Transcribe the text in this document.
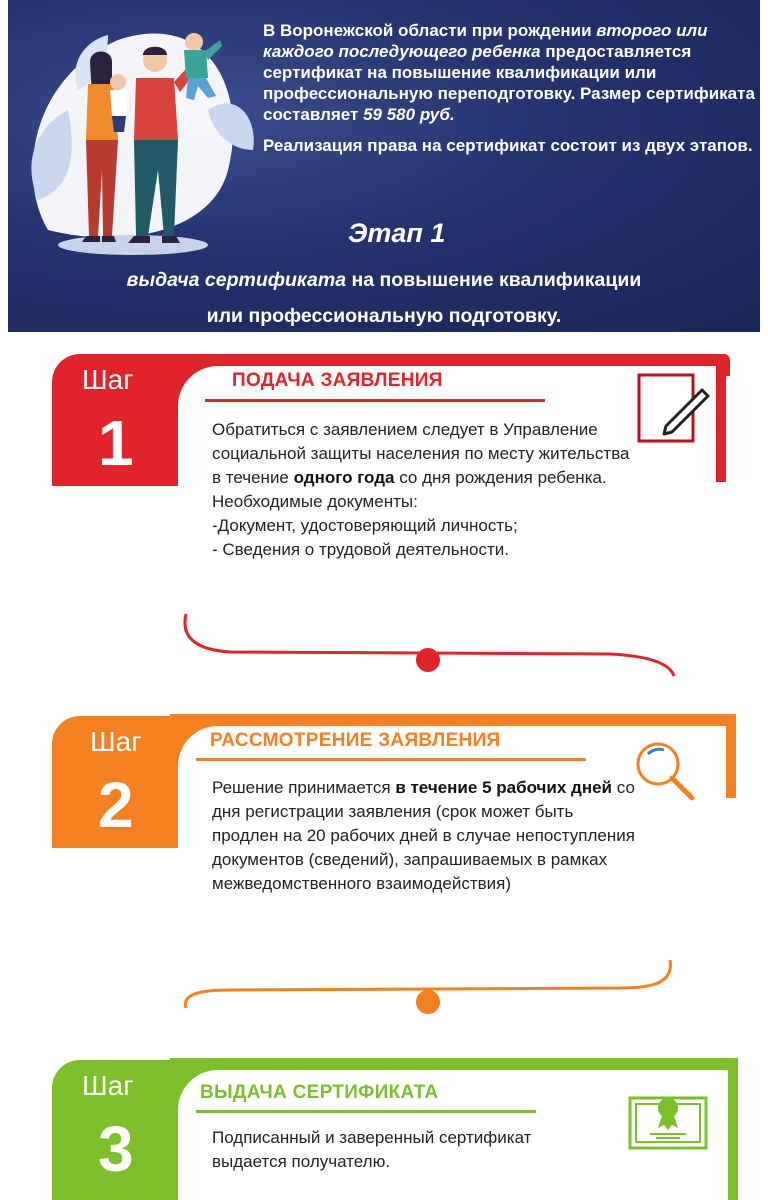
В Воронежской области при рождении второго или каждого последующего ребенка предоставляется сертификат на повышение квалификации или профессиональную переподготовку. Размер сертификата составляет 59 580 руб.

Реализация права на сертификат состоит из двух этапов.

Этап 1
выдача сертификата на повышение квалификации
или профессиональную подготовку.
Шаг
1
ПОДАЧА ЗАЯВЛЕНИЯ

Обратиться с заявлением следует в Управление социальной защиты населения по месту жительства в течение одного года со дня рождения ребенка.

Необходимые документы:

-Документ, удостоверяющий личность;

- Сведения о трудовой деятельности.

Шаг
2
РАССМОТРЕНИЕ ЗАЯВЛЕНИЯ

Решение принимается в течение 5 рабочих дней со дня регистрации заявления (срок может быть продлен на 20 рабочих дней в случае непоступления документов (сведений), запрашиваемых в рамках межведомственного взаимодействия)

Шаг
3
ВЫДАЧА СЕРТИФИКАТА

Подписанный и заверенный сертификат выдается получателю.
